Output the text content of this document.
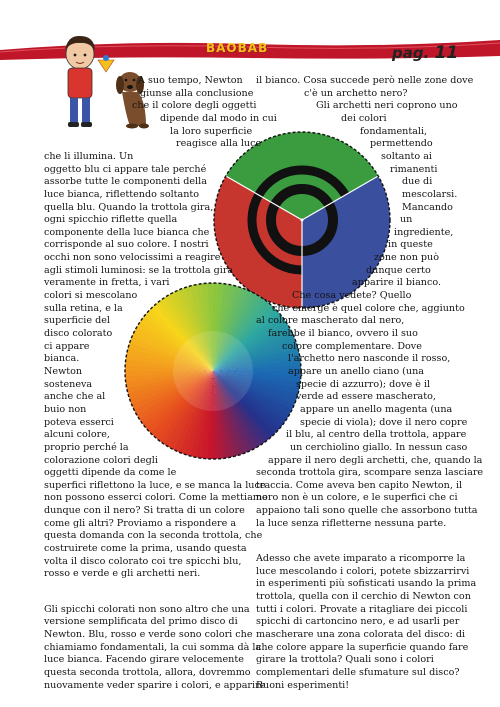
BAOBAB	pag. 11

A suo tempo, Newton

giunse alla conclusione

che il colore degli oggetti

dipende dal modo in cui

la loro superficie

reagisce alla luce

che li illumina. Un

oggetto blu ci appare tale perché

assorbe tutte le componenti della

luce bianca, riflettendo soltanto

quella blu. Quando la trottola gira,

ogni spicchio riflette quella

componente della luce bianca che

corrisponde al suo colore. I nostri

occhi non sono velocissimi a reagire

agli stimoli luminosi: se la trottola gira

veramente in fretta, i vari

colori si mescolano

sulla retina, e la

superficie del

disco colorato

ci appare

bianca.

Newton

sosteneva

anche che al

buio non

poteva esserci

alcuni colore,

proprio perché la

colorazione colori degli

oggetti dipende da come le

superfici riflettono la luce, e se manca la luce

non possono esserci colori. Come la mettiamo

dunque con il nero? Si tratta di un colore

come gli altri? Proviamo a rispondere a

questa domanda con la seconda trottola, che

costruirete come la prima, usando questa

volta il disco colorato coi tre spicchi blu,

rosso e verde e gli archetti neri.

Gli spicchi colorati non sono altro che una

versione semplificata del primo disco di

Newton. Blu, rosso e verde sono colori che

chiamiamo fondamentali, la cui somma dà la

luce bianca. Facendo girare velocemente

questa seconda trottola, allora, dovremmo

nuovamente veder sparire i colori, e apparire

il bianco. Cosa succede però nelle zone dove

c'è un archetto nero?

Gli archetti neri coprono uno

dei colori

fondamentali,

permettendo

soltanto ai

rimanenti

due di

mescolarsi.

Mancando

un

ingrediente,

in queste

zone non può

dunque certo

apparire il bianco.

Che cosa vedete? Quello

che emerge è quel colore che, aggiunto

al colore mascherato dal nero,

farebbe il bianco, ovvero il suo

colore complementare. Dove

l'archetto nero nasconde il rosso,

appare un anello ciano (una

specie di azzurro); dove è il

verde ad essere mascherato,

appare un anello magenta (una

specie di viola); dove il nero copre

il blu, al centro della trottola, appare

un cerchiolino giallo. In nessun caso

appare il nero degli archetti, che, quando la

seconda trottola gira, scompare senza lasciare

traccia. Come aveva ben capito Newton, il

nero non è un colore, e le superfici che ci

appaiono tali sono quelle che assorbono tutta

la luce senza rifletterne nessuna parte.

Adesso che avete imparato a ricomporre la

luce mescolando i colori, potete sbizzarrirvi

in esperimenti più sofisticati usando la prima

trottola, quella con il cerchio di Newton con

tutti i colori. Provate a ritagliare dei piccoli

spicchi di cartoncino nero, e ad usarli per

mascherare una zona colorata del disco: di

che colore appare la superficie quando fare

girare la trottola? Quali sono i colori

complementari delle sfumature sul disco?

Buoni esperimenti!
